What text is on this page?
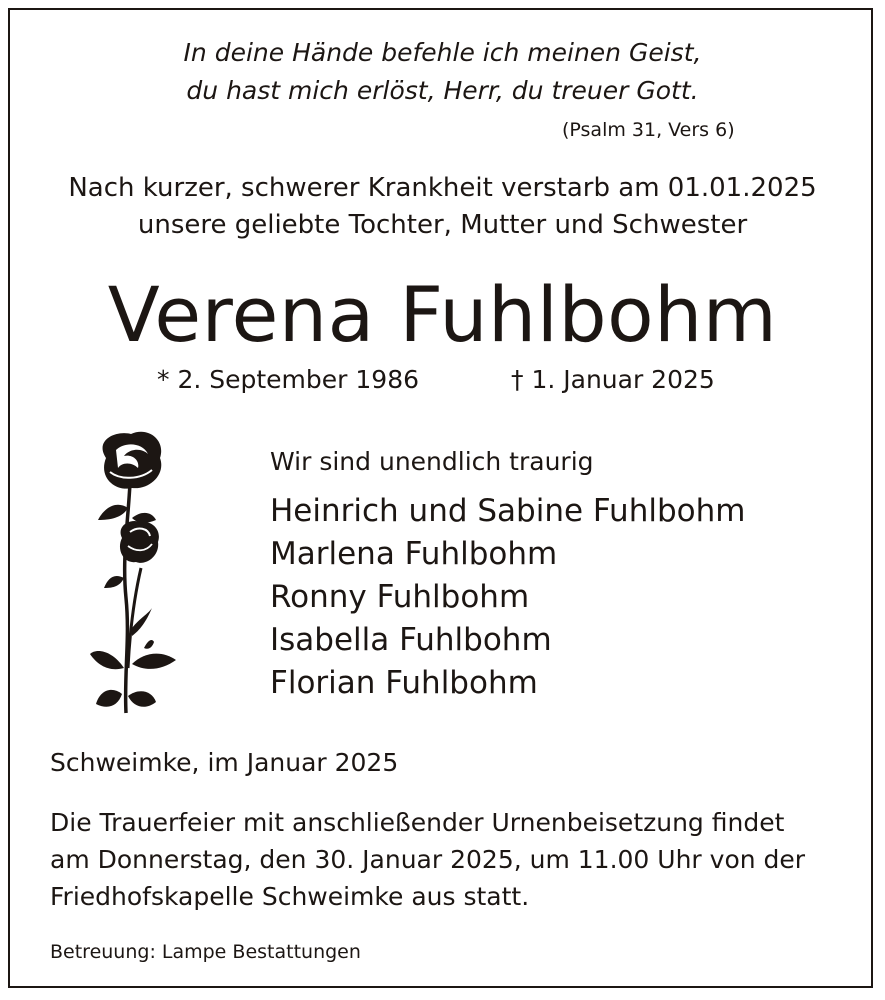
In deine Hände befehle ich meinen Geist,
du hast mich erlöst, Herr, du treuer Gott.
(Psalm 31, Vers 6)
Nach kurzer, schwerer Krankheit verstarb am 01.01.2025
unsere geliebte Tochter, Mutter und Schwester
Verena Fuhlbohm
* 2. September 1986	† 1. Januar 2025
Wir sind unendlich traurig
Heinrich und Sabine Fuhlbohm
Marlena Fuhlbohm
Ronny Fuhlbohm
Isabella Fuhlbohm
Florian Fuhlbohm
Schweimke, im Januar 2025
Die Trauerfeier mit anschließender Urnenbeisetzung findet
am Donnerstag, den 30. Januar 2025, um 11.00 Uhr von der
Friedhofskapelle Schweimke aus statt.
Betreuung: Lampe Bestattungen
